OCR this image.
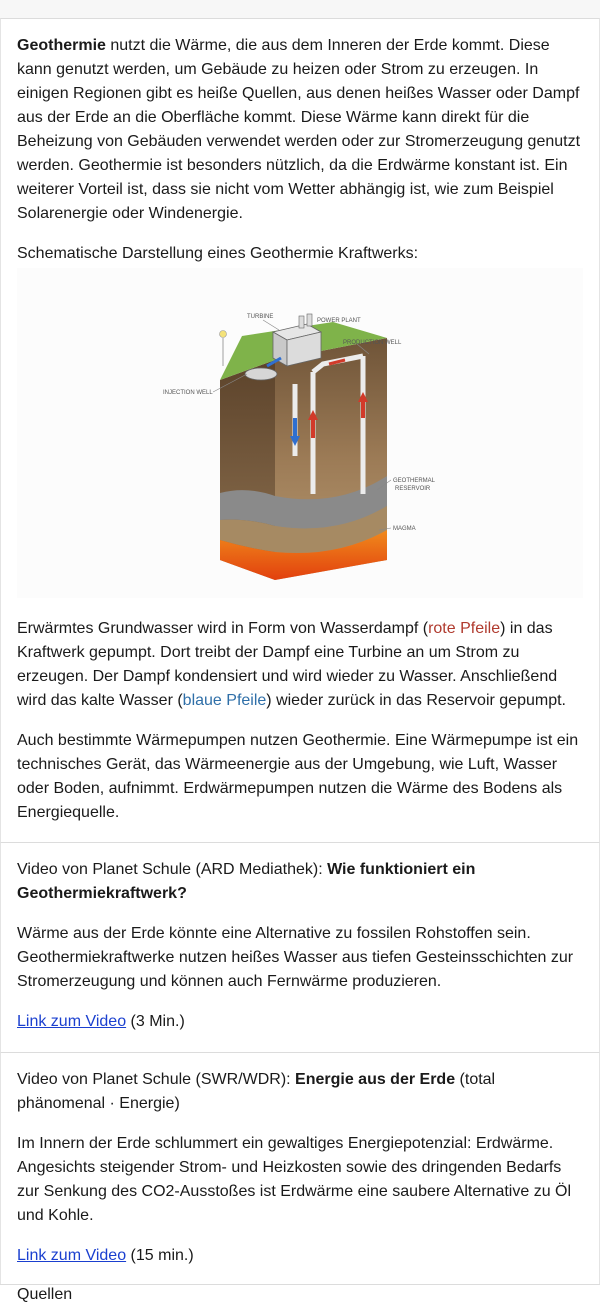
Geothermie nutzt die Wärme, die aus dem Inneren der Erde kommt. Diese kann genutzt werden, um Gebäude zu heizen oder Strom zu erzeugen. In einigen Regionen gibt es heiße Quellen, aus denen heißes Wasser oder Dampf aus der Erde an die Oberfläche kommt. Diese Wärme kann direkt für die Beheizung von Gebäuden verwendet werden oder zur Stromerzeugung genutzt werden. Geothermie ist besonders nützlich, da die Erdwärme konstant ist. Ein weiterer Vorteil ist, dass sie nicht vom Wetter abhängig ist, wie zum Beispiel Solarenergie oder Windenergie.

Schematische Darstellung eines Geothermie Kraftwerks:

TURBINE
POWER PLANT
PRODUCTION WELL
INJECTION WELL
GEOTHERMAL
RESERVOIR
MAGMA

Erwärmtes Grundwasser wird in Form von Wasserdampf (rote Pfeile) in das Kraftwerk gepumpt. Dort treibt der Dampf eine Turbine an um Strom zu erzeugen. Der Dampf kondensiert und wird wieder zu Wasser. Anschließend wird das kalte Wasser (blaue Pfeile) wieder zurück in das Reservoir gepumpt.

Auch bestimmte Wärmepumpen nutzen Geothermie. Eine Wärmepumpe ist ein technisches Gerät, das Wärmeenergie aus der Umgebung, wie Luft, Wasser oder Boden, aufnimmt. Erdwärmepumpen nutzen die Wärme des Bodens als Energiequelle.

Video von Planet Schule (ARD Mediathek): Wie funktioniert ein Geothermiekraftwerk?

Wärme aus der Erde könnte eine Alternative zu fossilen Rohstoffen sein. Geothermiekraftwerke nutzen heißes Wasser aus tiefen Gesteinsschichten zur Stromerzeugung und können auch Fernwärme produzieren.

Link zum Video (3 Min.)

Video von Planet Schule (SWR/WDR): Energie aus der Erde (total phänomenal · Energie)

Im Innern der Erde schlummert ein gewaltiges Energiepotenzial: Erdwärme. Angesichts steigender Strom- und Heizkosten sowie des dringenden Bedarfs zur Senkung des CO2-Ausstoßes ist Erdwärme eine saubere Alternative zu Öl und Kohle.

Link zum Video (15 min.)

Quellen
